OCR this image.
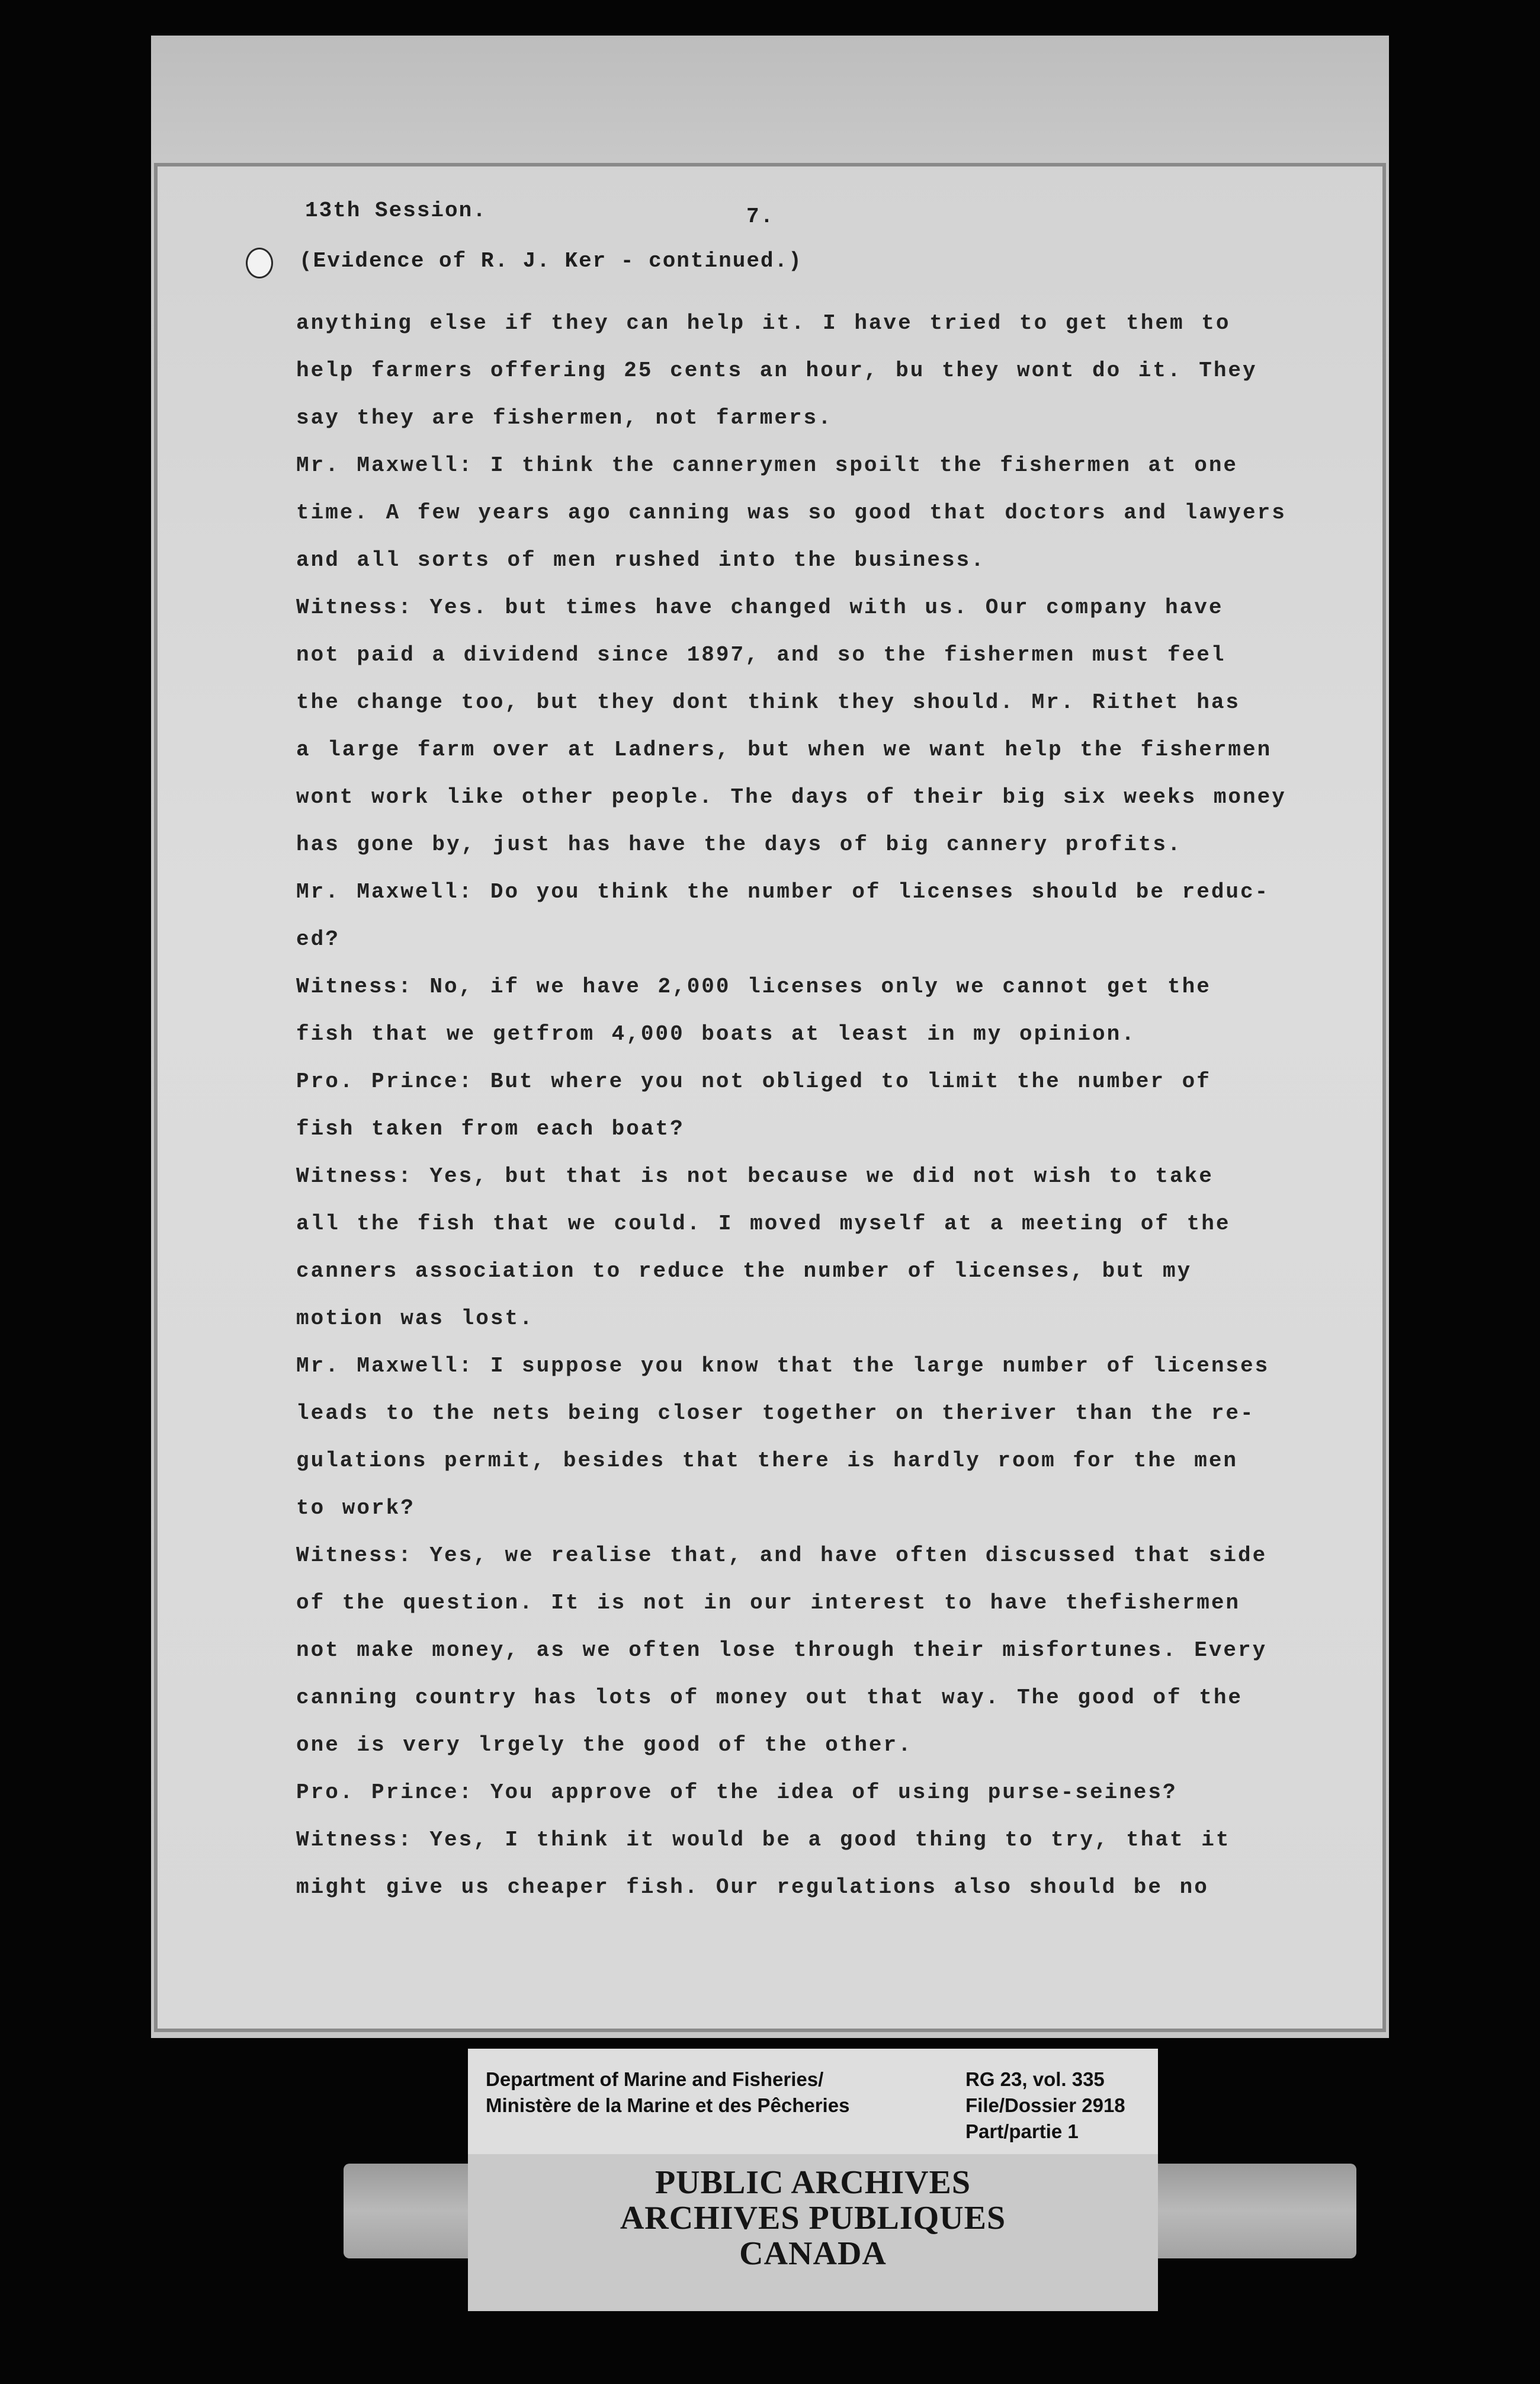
13th Session.	7.
(Evidence of R. J. Ker - continued.)
anything else if they can help it. I have tried to get them to
help farmers offering 25 cents an hour, bu they wont do it. They
say they are fishermen, not farmers.
Mr. Maxwell: I think the cannerymen spoilt the fishermen at one
time. A few years ago canning was so good that doctors and lawyers
and all sorts of men rushed into the business.
Witness: Yes. but times have changed with us. Our company have
not paid a dividend since 1897, and so the fishermen must feel
the change too, but they dont think they should. Mr. Rithet has
a large farm over at Ladners, but when we want help the fishermen
wont work like other people. The days of their big six weeks money
has gone by, just has have the days of big cannery profits.
Mr. Maxwell: Do you think the number of licenses should be reduc-
ed?
Witness: No, if we have 2,000 licenses only we cannot get the
fish that we getfrom 4,000 boats at least in my opinion.
Pro. Prince: But where you not obliged to limit the number of
fish taken from each boat?
Witness: Yes, but that is not because we did not wish to take
all the fish that we could. I moved myself at a meeting of the
canners association to reduce the number of licenses, but my
motion was lost.
Mr. Maxwell: I suppose you know that the large number of licenses
leads to the nets being closer together on theriver than the re-
gulations permit, besides that there is hardly room for the men
to work?
Witness: Yes, we realise that, and have often discussed that side
of the question. It is not in our interest to have thefishermen
not make money, as we often lose through their misfortunes. Every
canning country has lots of money out that way. The good of the
one is very lrgely the good of the other.
Pro. Prince: You approve of the idea of using purse-seines?
Witness: Yes, I think it would be a good thing to try, that it
might give us cheaper fish. Our regulations also should be no
Department of Marine and Fisheries/
Ministère de la Marine et des Pêcheries
RG 23, vol. 335
File/Dossier 2918
Part/partie 1
PUBLIC ARCHIVES
ARCHIVES PUBLIQUES
CANADA
